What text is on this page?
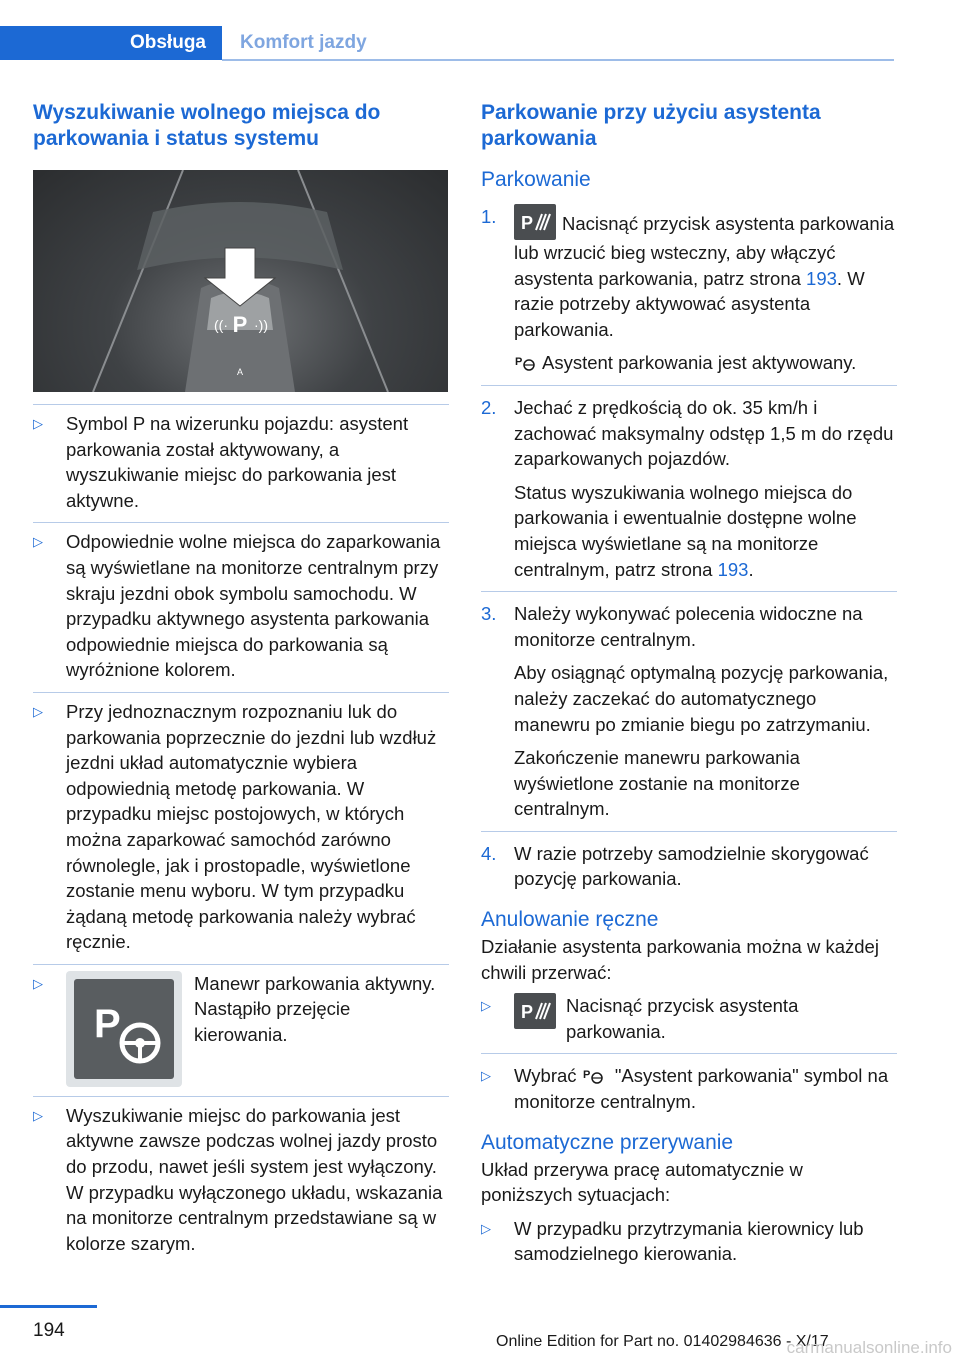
Obsługa	Komfort jazdy
Wyszukiwanie wolnego miejsca do parkowania i status systemu
P
((· ·))
A
▷ Symbol P na wizerunku pojazdu: asystent parkowania został aktywowany, a wyszukiwanie miejsc do parkowania jest aktywne.
▷ Odpowiednie wolne miejsca do zaparkowania są wyświetlane na monitorze centralnym przy skraju jezdni obok symbolu samochodu. W przypadku aktywnego asystenta parkowania odpowiednie miejsca do parkowania są wyróżnione kolorem.
▷ Przy jednoznacznym rozpoznaniu luk do parkowania poprzecznie do jezdni lub wzdłuż jezdni układ automatycznie wybiera odpowiednią metodę parkowania. W przypadku miejsc postojowych, w których można zaparkować samochód zarówno równolegle, jak i prostopadle, wyświetlone zostanie menu wyboru. W tym przypadku żądaną metodę parkowania należy wybrać ręcznie.
▷
P
Manewr parkowania aktywny. Nastąpiło przejęcie kierowania.
▷ Wyszukiwanie miejsc do parkowania jest aktywne zawsze podczas wolnej jazdy prosto do przodu, nawet jeśli system jest wyłączony. W przypadku wyłączonego układu, wskazania na monitorze centralnym przedstawiane są w kolorze szarym.
Parkowanie przy użyciu asystenta parkowania
Parkowanie
1. P Nacisnąć przycisk asystenta parkowania lub wrzucić bieg wsteczny, aby włączyć asystenta parkowania, patrz strona 193. W razie potrzeby aktywować asystenta parkowania.

P Asystent parkowania jest aktywowany.

2. Jechać z prędkością do ok. 35 km/h i zachować maksymalny odstęp 1,5 m do rzędu zaparkowanych pojazdów.

Status wyszukiwania wolnego miejsca do parkowania i ewentualnie dostępne wolne miejsca wyświetlane są na monitorze centralnym, patrz strona 193.

3. Należy wykonywać polecenia widoczne na monitorze centralnym.

Aby osiągnąć optymalną pozycję parkowania, należy zaczekać do automatycznego manewru po zmianie biegu po zatrzymaniu.

Zakończenie manewru parkowania wyświetlone zostanie na monitorze centralnym.

4. W razie potrzeby samodzielnie skorygować pozycję parkowania.

Anulowanie ręczne

Działanie asystenta parkowania można w każdej chwili przerwać:

▷ P Nacisnąć przycisk asystenta parkowania.
▷ Wybrać P "Asystent parkowania" symbol na monitorze centralnym.
Automatyczne przerywanie

Układ przerywa pracę automatycznie w poniższych sytuacjach:

▷ W przypadku przytrzymania kierownicy lub samodzielnego kierowania.
194
Online Edition for Part no. 01402984636 - X/17
carmanualsonline.info
